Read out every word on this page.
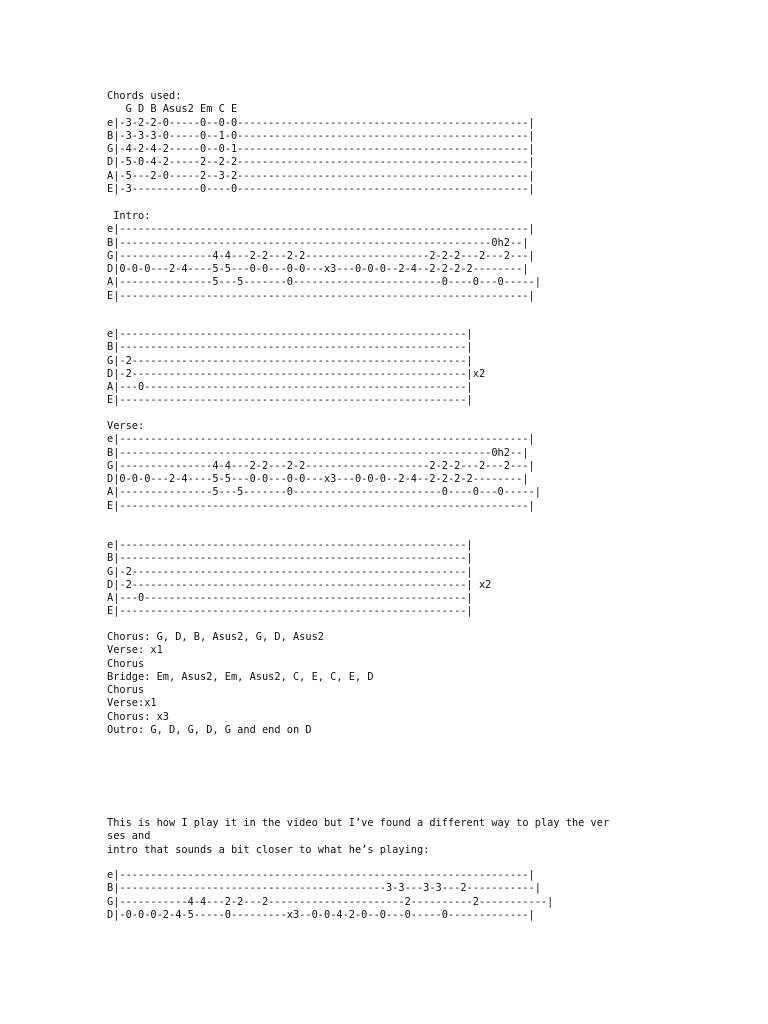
Chords used:
G D B Asus2 Em C E
e|-3-2-2-0-----0--0-0-----------------------------------------------|
B|-3-3-3-0-----0--1-0-----------------------------------------------|
G|-4-2-4-2-----0--0-1-----------------------------------------------|
D|-5-0-4-2-----2--2-2-----------------------------------------------|
A|-5---2-0-----2--3-2-----------------------------------------------|
E|-3-----------0----0-----------------------------------------------|
Intro:
e|------------------------------------------------------------------|
B|------------------------------------------------------------0h2--|
G|---------------4-4---2-2---2-2--------------------2-2-2---2---2---|
D|0-0-0---2-4----5-5---0-0---0-0---x3---0-0-0--2-4--2-2-2-2--------|
A|---------------5---5-------0------------------------0----0---0-----|
E|------------------------------------------------------------------|
e|--------------------------------------------------------|
B|--------------------------------------------------------|
G|-2------------------------------------------------------|
D|-2------------------------------------------------------|x2
A|---0----------------------------------------------------|
E|--------------------------------------------------------|
Verse:
e|------------------------------------------------------------------|
B|------------------------------------------------------------0h2--|
G|---------------4-4---2-2---2-2--------------------2-2-2---2---2---|
D|0-0-0---2-4----5-5---0-0---0-0---x3---0-0-0--2-4--2-2-2-2--------|
A|---------------5---5-------0------------------------0----0---0-----|
E|------------------------------------------------------------------|
e|--------------------------------------------------------|
B|--------------------------------------------------------|
G|-2------------------------------------------------------|
D|-2------------------------------------------------------| x2
A|---0----------------------------------------------------|
E|--------------------------------------------------------|
Chorus: G, D, B, Asus2, G, D, Asus2
Verse: x1
Chorus
Bridge: Em, Asus2, Em, Asus2, C, E, C, E, D
Chorus
Verse:x1
Chorus: x3
Outro: G, D, G, D, G and end on D
This is how I play it in the video but I’ve found a different way to play the ver
ses and
intro that sounds a bit closer to what he’s playing:
e|------------------------------------------------------------------|
B|-------------------------------------------3-3---3-3---2-----------|
G|-----------4-4---2-2---2----------------------2----------2-----------|
D|-0-0-0-2-4-5-----0---------x3--0-0-4-2-0--0---0-----0-------------|
